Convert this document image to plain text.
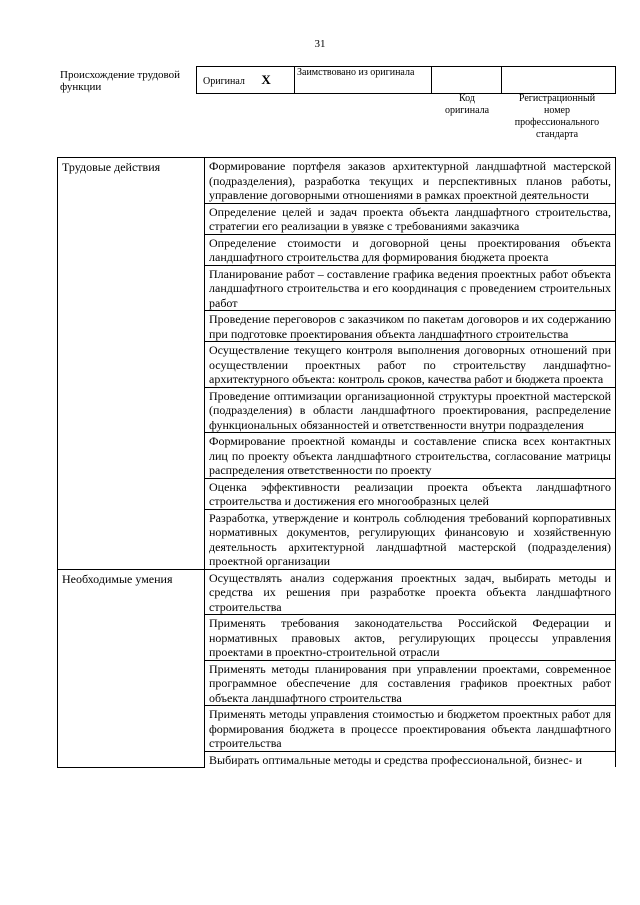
31
Происхождение трудовой функции	Оригинал Х	Заимствовано из оригинала		
Код оригинала
Регистрационный номер профессионального стандарта
Трудовые действия	Формирование портфеля заказов архитектурной ландшафтной мастерской (подразделения), разработка текущих и перспективных планов работы, управление договорными отношениями в рамках проектной деятельности
	Определение целей и задач проекта объекта ландшафтного строительства, стратегии его реализации в увязке с требованиями заказчика
	Определение стоимости и договорной цены проектирования объекта ландшафтного строительства для формирования бюджета проекта
	Планирование работ – составление графика ведения проектных работ объекта ландшафтного строительства и его координация с проведением строительных работ
	Проведение переговоров с заказчиком по пакетам договоров и их содержанию при подготовке проектирования объекта ландшафтного строительства
	Осуществление текущего контроля выполнения договорных отношений при осуществлении проектных работ по строительству ландшафтно-архитектурного объекта: контроль сроков, качества работ и бюджета проекта
	Проведение оптимизации организационной структуры проектной мастерской (подразделения) в области ландшафтного проектирования, распределение функциональных обязанностей и ответственности внутри подразделения
	Формирование проектной команды и составление списка всех контактных лиц по проекту объекта ландшафтного строительства, согласование матрицы распределения ответственности по проекту
	Оценка эффективности реализации проекта объекта ландшафтного строительства и достижения его многообразных целей
	Разработка, утверждение и контроль соблюдения требований корпоративных нормативных документов, регулирующих финансовую и хозяйственную деятельность архитектурной ландшафтной мастерской (подразделения) проектной организации
Необходимые умения	Осуществлять анализ содержания проектных задач, выбирать методы и средства их решения при разработке проекта объекта ландшафтного строительства
	Применять требования законодательства Российской Федерации и нормативных правовых актов, регулирующих процессы управления проектами в проектно-строительной отрасли
	Применять методы планирования при управлении проектами, современное программное обеспечение для составления графиков проектных работ объекта ландшафтного строительства
	Применять методы управления стоимостью и бюджетом проектных работ для формирования бюджета в процессе проектирования объекта ландшафтного строительства
	Выбирать оптимальные методы и средства профессиональной, бизнес- и
